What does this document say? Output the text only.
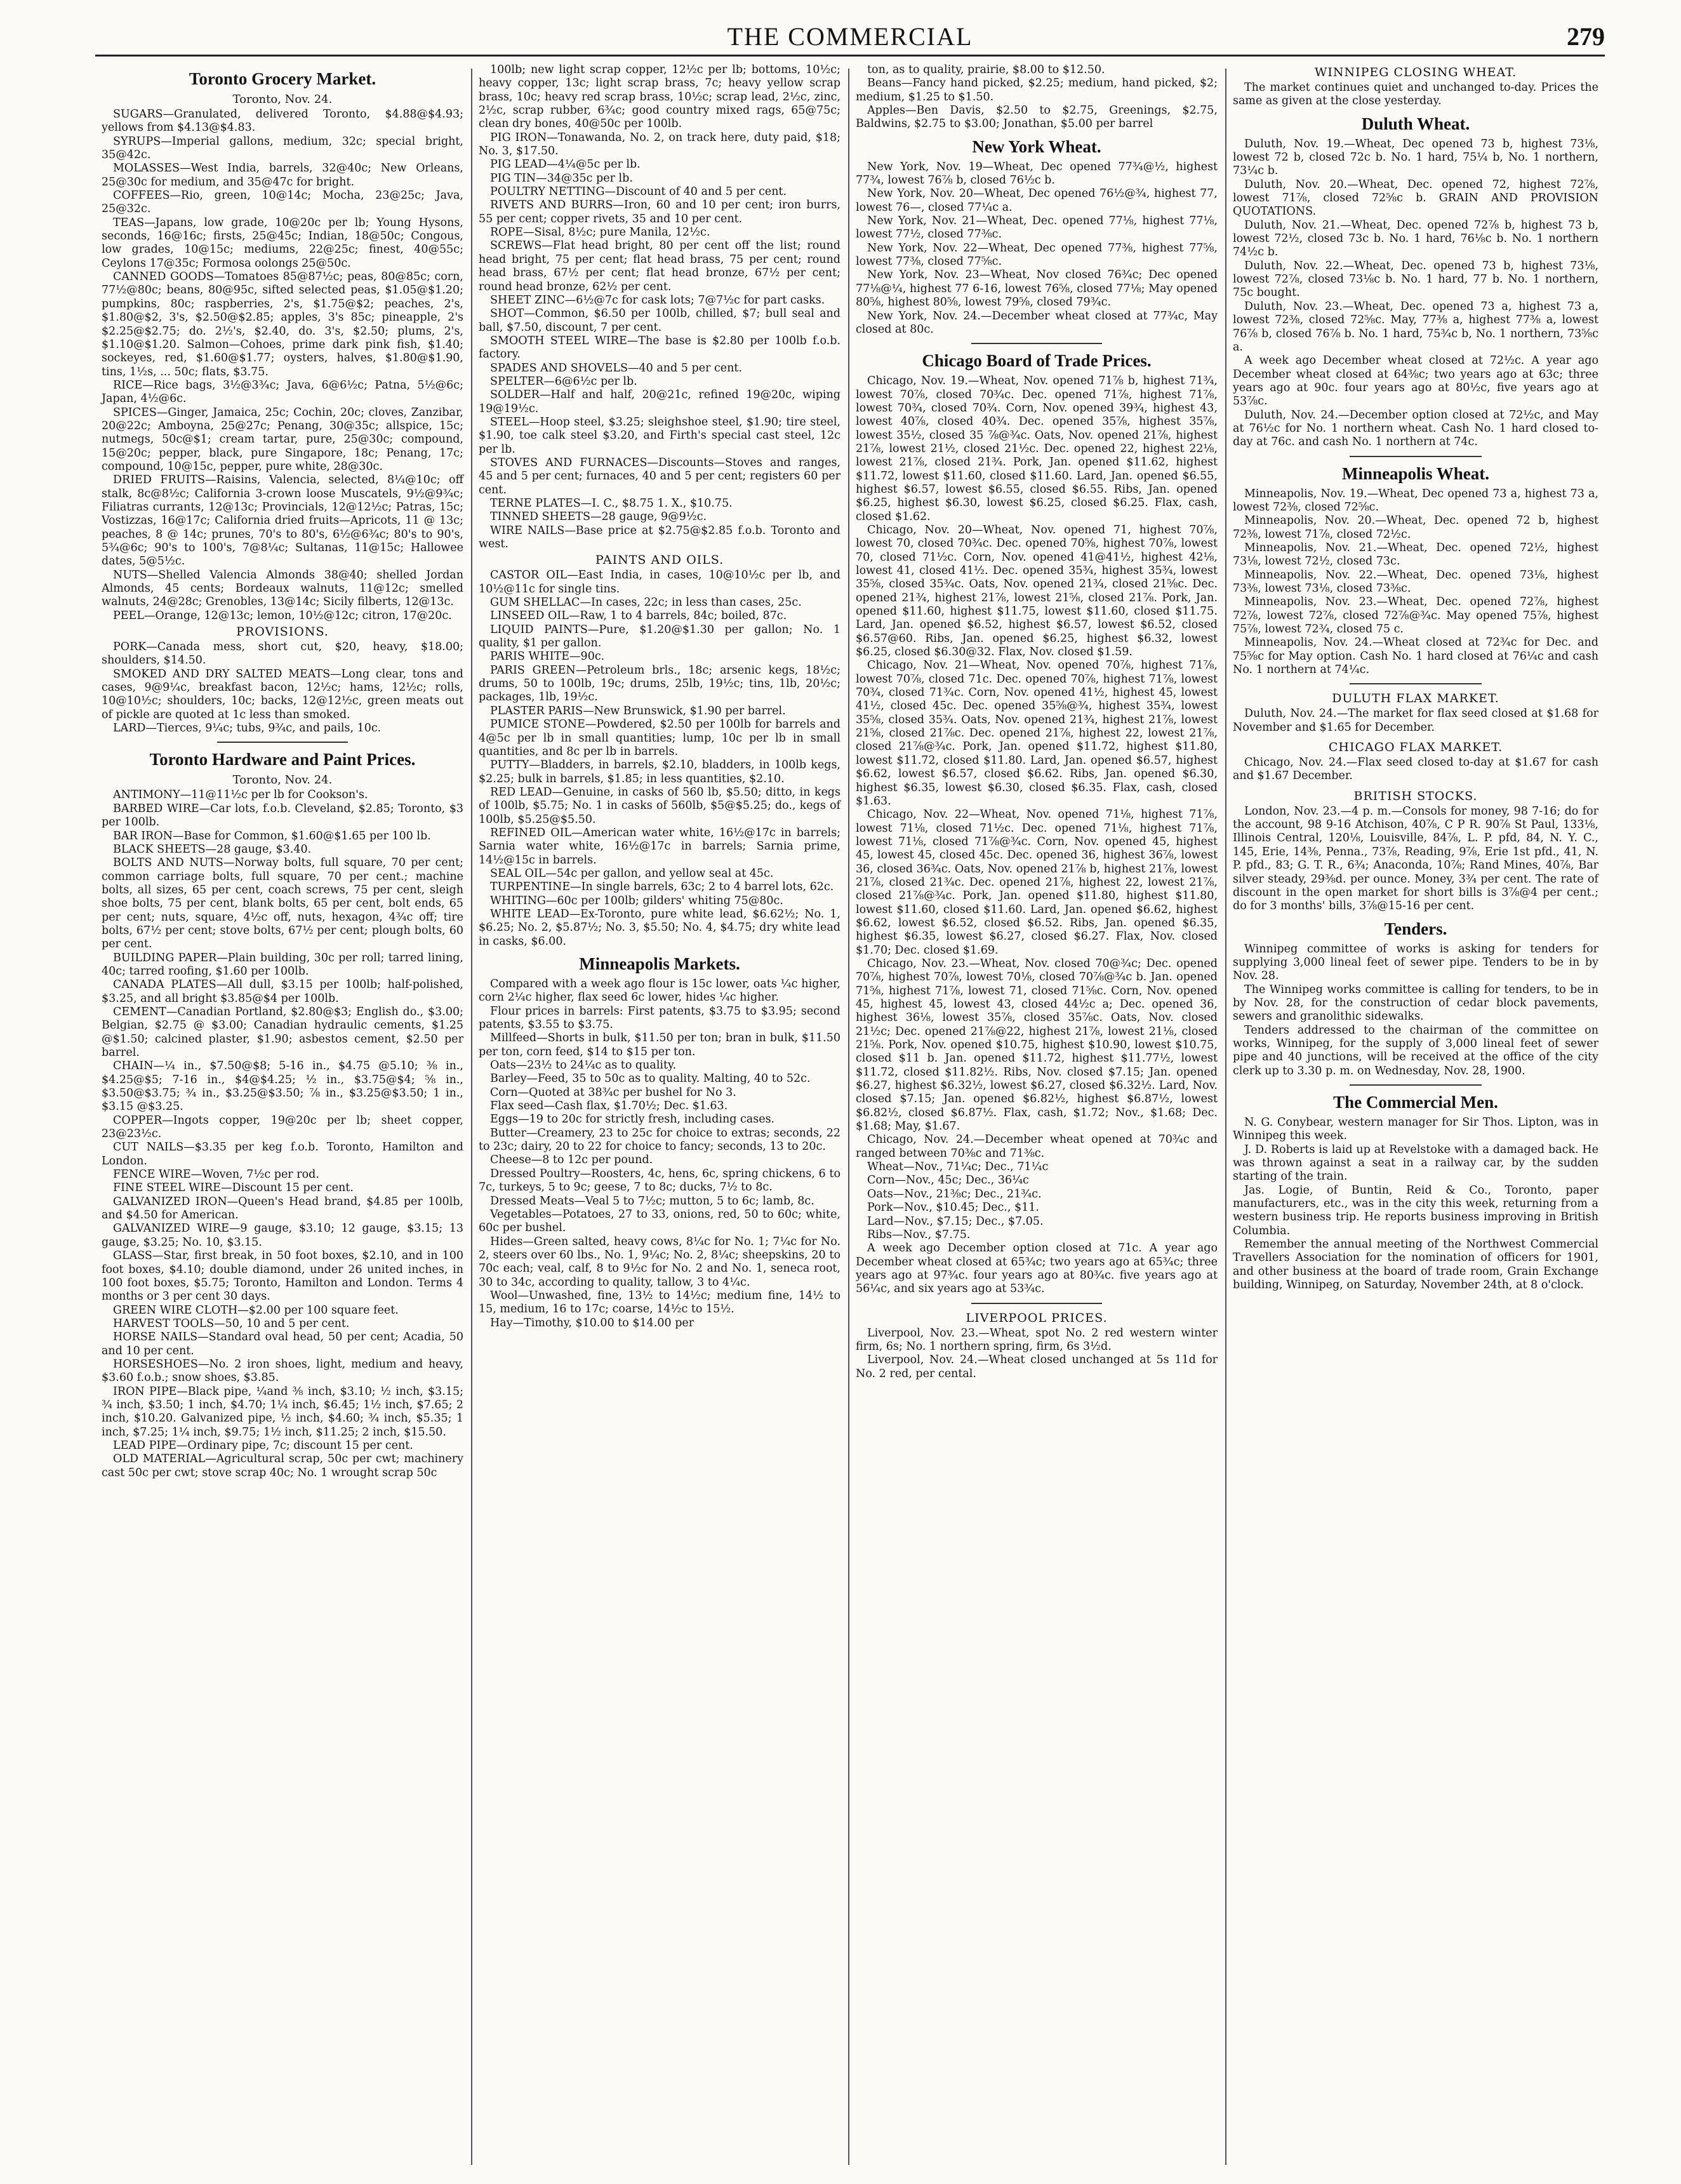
THE COMMERCIAL	279
Toronto Grocery Market.
Toronto, Nov. 24.

SUGARS—Granulated, delivered Toronto, $4.88@$4.93; yellows from $4.13@$4.83.

SYRUPS—Imperial gallons, medium, 32c; special bright, 35@42c.

MOLASSES—West India, barrels, 32@40c; New Orleans, 25@30c for medium, and 35@47c for bright.

COFFEES—Rio, green, 10@14c; Mocha, 23@25c; Java, 25@32c.

TEAS—Japans, low grade, 10@20c per lb; Young Hysons, seconds, 16@16c; firsts, 25@45c; Indian, 18@50c; Congous, low grades, 10@15c; mediums, 22@25c; finest, 40@55c; Ceylons 17@35c; Formosa oolongs 25@50c.

CANNED GOODS—Tomatoes 85@87½c; peas, 80@85c; corn, 77½@80c; beans, 80@95c, sifted selected peas, $1.05@$1.20; pumpkins, 80c; raspberries, 2's, $1.75@$2; peaches, 2's, $1.80@$2, 3's, $2.50@$2.85; apples, 3's 85c; pineapple, 2's $2.25@$2.75; do. 2½'s, $2.40, do. 3's, $2.50; plums, 2's, $1.10@$1.20. Salmon—Cohoes, prime dark pink fish, $1.40; sockeyes, red, $1.60@$1.77; oysters, halves, $1.80@$1.90, tins, 1½s, ... 50c; flats, $3.75.

RICE—Rice bags, 3½@3¾c; Java, 6@6½c; Patna, 5½@6c; Japan, 4½@6c.

SPICES—Ginger, Jamaica, 25c; Cochin, 20c; cloves, Zanzibar, 20@22c; Amboyna, 25@27c; Penang, 30@35c; allspice, 15c; nutmegs, 50c@$1; cream tartar, pure, 25@30c; compound, 15@20c; pepper, black, pure Singapore, 18c; Penang, 17c; compound, 10@15c, pepper, pure white, 28@30c.

DRIED FRUITS—Raisins, Valencia, selected, 8¼@10c; off stalk, 8c@8½c; California 3-crown loose Muscatels, 9½@9¾c; Filiatras currants, 12@13c; Provincials, 12@12½c; Patras, 15c; Vostizzas, 16@17c; California dried fruits—Apricots, 11 @ 13c; peaches, 8 @ 14c; prunes, 70's to 80's, 6½@6¾c; 80's to 90's, 5¾@6c; 90's to 100's, 7@8¼c; Sultanas, 11@15c; Hallowee dates, 5@5½c.

NUTS—Shelled Valencia Almonds 38@40; shelled Jordan Almonds, 45 cents; Bordeaux walnuts, 11@12c; smelled walnuts, 24@28c; Grenobles, 13@14c; Sicily filberts, 12@13c.

PEEL—Orange, 12@13c; lemon, 10½@12c; citron, 17@20c.

PROVISIONS.

PORK—Canada mess, short cut, $20, heavy, $18.00; shoulders, $14.50.

SMOKED AND DRY SALTED MEATS—Long clear, tons and cases, 9@9¼c, breakfast bacon, 12½c; hams, 12½c; rolls, 10@10½c; shoulders, 10c; backs, 12@12½c, green meats out of pickle are quoted at 1c less than smoked.

LARD—Tierces, 9¼c; tubs, 9¾c, and pails, 10c.

Toronto Hardware and Paint Prices.
Toronto, Nov. 24.

ANTIMONY—11@11½c per lb for Cookson's.

BARBED WIRE—Car lots, f.o.b. Cleveland, $2.85; Toronto, $3 per 100lb.

BAR IRON—Base for Common, $1.60@$1.65 per 100 lb.

BLACK SHEETS—28 gauge, $3.40.

BOLTS AND NUTS—Norway bolts, full square, 70 per cent; common carriage bolts, full square, 70 per cent.; machine bolts, all sizes, 65 per cent, coach screws, 75 per cent, sleigh shoe bolts, 75 per cent, blank bolts, 65 per cent, bolt ends, 65 per cent; nuts, square, 4½c off, nuts, hexagon, 4¾c off; tire bolts, 67½ per cent; stove bolts, 67½ per cent; plough bolts, 60 per cent.

BUILDING PAPER—Plain building, 30c per roll; tarred lining, 40c; tarred roofing, $1.60 per 100lb.

CANADA PLATES—All dull, $3.15 per 100lb; half-polished, $3.25, and all bright $3.85@$4 per 100lb.

CEMENT—Canadian Portland, $2.80@$3; English do., $3.00; Belgian, $2.75 @ $3.00; Canadian hydraulic cements, $1.25 @$1.50; calcined plaster, $1.90; asbestos cement, $2.50 per barrel.

CHAIN—¼ in., $7.50@$8; 5-16 in., $4.75 @5.10; ⅜ in., $4.25@$5; 7-16 in., $4@$4.25; ½ in., $3.75@$4; ⅝ in., $3.50@$3.75; ¾ in., $3.25@$3.50; ⅞ in., $3.25@$3.50; 1 in., $3.15 @$3.25.

COPPER—Ingots copper, 19@20c per lb; sheet copper, 23@23½c.

CUT NAILS—$3.35 per keg f.o.b. Toronto, Hamilton and London.

FENCE WIRE—Woven, 7½c per rod.

FINE STEEL WIRE—Discount 15 per cent.

GALVANIZED IRON—Queen's Head brand, $4.85 per 100lb, and $4.50 for American.

GALVANIZED WIRE—9 gauge, $3.10; 12 gauge, $3.15; 13 gauge, $3.25; No. 10, $3.15.

GLASS—Star, first break, in 50 foot boxes, $2.10, and in 100 foot boxes, $4.10; double diamond, under 26 united inches, in 100 foot boxes, $5.75; Toronto, Hamilton and London. Terms 4 months or 3 per cent 30 days.

GREEN WIRE CLOTH—$2.00 per 100 square feet.

HARVEST TOOLS—50, 10 and 5 per cent.

HORSE NAILS—Standard oval head, 50 per cent; Acadia, 50 and 10 per cent.

HORSESHOES—No. 2 iron shoes, light, medium and heavy, $3.60 f.o.b.; snow shoes, $3.85.

IRON PIPE—Black pipe, ¼and ⅜ inch, $3.10; ½ inch, $3.15; ¾ inch, $3.50; 1 inch, $4.70; 1¼ inch, $6.45; 1½ inch, $7.65; 2 inch, $10.20. Galvanized pipe, ½ inch, $4.60; ¾ inch, $5.35; 1 inch, $7.25; 1¼ inch, $9.75; 1½ inch, $11.25; 2 inch, $15.50.

LEAD PIPE—Ordinary pipe, 7c; discount 15 per cent.

OLD MATERIAL—Agricultural scrap, 50c per cwt; machinery cast 50c per cwt; stove scrap 40c; No. 1 wrought scrap 50c

100lb; new light scrap copper, 12½c per lb; bottoms, 10½c; heavy copper, 13c; light scrap brass, 7c; heavy yellow scrap brass, 10c; heavy red scrap brass, 10½c; scrap lead, 2½c, zinc, 2½c, scrap rubber, 6¾c; good country mixed rags, 65@75c; clean dry bones, 40@50c per 100lb.

PIG IRON—Tonawanda, No. 2, on track here, duty paid, $18; No. 3, $17.50.

PIG LEAD—4¼@5c per lb.

PIG TIN—34@35c per lb.

POULTRY NETTING—Discount of 40 and 5 per cent.

RIVETS AND BURRS—Iron, 60 and 10 per cent; iron burrs, 55 per cent; copper rivets, 35 and 10 per cent.

ROPE—Sisal, 8½c; pure Manila, 12½c.

SCREWS—Flat head bright, 80 per cent off the list; round head bright, 75 per cent; flat head brass, 75 per cent; round head brass, 67½ per cent; flat head bronze, 67½ per cent; round head bronze, 62½ per cent.

SHEET ZINC—6½@7c for cask lots; 7@7½c for part casks.

SHOT—Common, $6.50 per 100lb, chilled, $7; bull seal and ball, $7.50, discount, 7 per cent.

SMOOTH STEEL WIRE—The base is $2.80 per 100lb f.o.b. factory.

SPADES AND SHOVELS—40 and 5 per cent.

SPELTER—6@6½c per lb.

SOLDER—Half and half, 20@21c, refined 19@20c, wiping 19@19½c.

STEEL—Hoop steel, $3.25; sleighshoe steel, $1.90; tire steel, $1.90, toe calk steel $3.20, and Firth's special cast steel, 12c per lb.

STOVES AND FURNACES—Discounts—Stoves and ranges, 45 and 5 per cent; furnaces, 40 and 5 per cent; registers 60 per cent.

TERNE PLATES—I. C., $8.75 1. X., $10.75.

TINNED SHEETS—28 gauge, 9@9½c.

WIRE NAILS—Base price at $2.75@$2.85 f.o.b. Toronto and west.

PAINTS AND OILS.

CASTOR OIL—East India, in cases, 10@10½c per lb, and 10½@11c for single tins.

GUM SHELLAC—In cases, 22c; in less than cases, 25c.

LINSEED OIL—Raw, 1 to 4 barrels, 84c; boiled, 87c.

LIQUID PAINTS—Pure, $1.20@$1.30 per gallon; No. 1 quality, $1 per gallon.

PARIS WHITE—90c.

PARIS GREEN—Petroleum brls., 18c; arsenic kegs, 18½c; drums, 50 to 100lb, 19c; drums, 25lb, 19½c; tins, 1lb, 20½c; packages, 1lb, 19½c.

PLASTER PARIS—New Brunswick, $1.90 per barrel.

PUMICE STONE—Powdered, $2.50 per 100lb for barrels and 4@5c per lb in small quantities; lump, 10c per lb in small quantities, and 8c per lb in barrels.

PUTTY—Bladders, in barrels, $2.10, bladders, in 100lb kegs, $2.25; bulk in barrels, $1.85; in less quantities, $2.10.

RED LEAD—Genuine, in casks of 560 lb, $5.50; ditto, in kegs of 100lb, $5.75; No. 1 in casks of 560lb, $5@$5.25; do., kegs of 100lb, $5.25@$5.50.

REFINED OIL—American water white, 16½@17c in barrels; Sarnia water white, 16½@17c in barrels; Sarnia prime, 14½@15c in barrels.

SEAL OIL—54c per gallon, and yellow seal at 45c.

TURPENTINE—In single barrels, 63c; 2 to 4 barrel lots, 62c.

WHITING—60c per 100lb; gilders' whiting 75@80c.

WHITE LEAD—Ex-Toronto, pure white lead, $6.62½; No. 1, $6.25; No. 2, $5.87½; No. 3, $5.50; No. 4, $4.75; dry white lead in casks, $6.00.

Minneapolis Markets.

Compared with a week ago flour is 15c lower, oats ¼c higher, corn 2¼c higher, flax seed 6c lower, hides ¼c higher.

Flour prices in barrels: First patents, $3.75 to $3.95; second patents, $3.55 to $3.75.

Millfeed—Shorts in bulk, $11.50 per ton; bran in bulk, $11.50 per ton, corn feed, $14 to $15 per ton.

Oats—23½ to 24¼c as to quality.

Barley—Feed, 35 to 50c as to quality. Malting, 40 to 52c.

Corn—Quoted at 38¾c per bushel for No 3.

Flax seed—Cash flax, $1.70½; Dec. $1.63.

Eggs—19 to 20c for strictly fresh, including cases.

Butter—Creamery, 23 to 25c for choice to extras; seconds, 22 to 23c; dairy, 20 to 22 for choice to fancy; seconds, 13 to 20c.

Cheese—8 to 12c per pound.

Dressed Poultry—Roosters, 4c, hens, 6c, spring chickens, 6 to 7c, turkeys, 5 to 9c; geese, 7 to 8c; ducks, 7½ to 8c.

Dressed Meats—Veal 5 to 7½c; mutton, 5 to 6c; lamb, 8c.

Vegetables—Potatoes, 27 to 33, onions, red, 50 to 60c; white, 60c per bushel.

Hides—Green salted, heavy cows, 8¼c for No. 1; 7¼c for No. 2, steers over 60 lbs., No. 1, 9¼c; No. 2, 8¼c; sheepskins, 20 to 70c each; veal, calf, 8 to 9½c for No. 2 and No. 1, seneca root, 30 to 34c, according to quality, tallow, 3 to 4¼c.

Wool—Unwashed, fine, 13½ to 14½c; medium fine, 14½ to 15, medium, 16 to 17c; coarse, 14½c to 15½.

Hay—Timothy, $10.00 to $14.00 per

ton, as to quality, prairie, $8.00 to $12.50.

Beans—Fancy hand picked, $2.25; medium, hand picked, $2; medium, $1.25 to $1.50.

Apples—Ben Davis, $2.50 to $2.75, Greenings, $2.75, Baldwins, $2.75 to $3.00; Jonathan, $5.00 per barrel

New York Wheat.

New York, Nov. 19—Wheat, Dec opened 77¾@½, highest 77¾, lowest 76⅞ b, closed 76½c b.

New York, Nov. 20—Wheat, Dec opened 76½@¾, highest 77, lowest 76—, closed 77¼c a.

New York, Nov. 21—Wheat, Dec. opened 77⅛, highest 77⅛, lowest 77½, closed 77⅜c.

New York, Nov. 22—Wheat, Dec opened 77⅜, highest 77⅝, lowest 77⅜, closed 77⅝c.

New York, Nov. 23—Wheat, Nov closed 76¾c; Dec opened 77⅛@¼, highest 77 6-16, lowest 76⅝, closed 77⅛; May opened 80⅝, highest 80⅝, lowest 79⅝, closed 79¾c.

New York, Nov. 24.—December wheat closed at 77¾c, May closed at 80c.

Chicago Board of Trade Prices.

Chicago, Nov. 19.—Wheat, Nov. opened 71⅞ b, highest 71¾, lowest 70⅞, closed 70¾c. Dec. opened 71⅞, highest 71⅞, lowest 70¾, closed 70¾. Corn, Nov. opened 39¾, highest 43, lowest 40⅞, closed 40¾. Dec. opened 35⅞, highest 35⅞, lowest 35½, closed 35 ⅞@¾c. Oats, Nov. opened 21⅞, highest 21⅞, lowest 21½, closed 21½c. Dec. opened 22, highest 22⅛, lowest 21⅞, closed 21¾. Pork, Jan. opened $11.62, highest $11.72, lowest $11.60, closed $11.60. Lard, Jan. opened $6.55, highest $6.57, lowest $6.55, closed $6.55. Ribs, Jan. opened $6.25, highest $6.30, lowest $6.25, closed $6.25. Flax, cash, closed $1.62.

Chicago, Nov. 20—Wheat, Nov. opened 71, highest 70⅞, lowest 70, closed 70¾c. Dec. opened 70⅝, highest 70⅞, lowest 70, closed 71½c. Corn, Nov. opened 41@41½, highest 42⅛, lowest 41, closed 41½. Dec. opened 35¾, highest 35¾, lowest 35⅝, closed 35¾c. Oats, Nov. opened 21¾, closed 21⅝c. Dec. opened 21¾, highest 21⅞, lowest 21⅝, closed 21⅞. Pork, Jan. opened $11.60, highest $11.75, lowest $11.60, closed $11.75. Lard, Jan. opened $6.52, highest $6.57, lowest $6.52, closed $6.57@60. Ribs, Jan. opened $6.25, highest $6.32, lowest $6.25, closed $6.30@32. Flax, Nov. closed $1.59.

Chicago, Nov. 21—Wheat, Nov. opened 70⅞, highest 71⅞, lowest 70⅞, closed 71c. Dec. opened 70⅞, highest 71⅞, lowest 70¾, closed 71¾c. Corn, Nov. opened 41½, highest 45, lowest 41½, closed 45c. Dec. opened 35⅝@¾, highest 35¾, lowest 35⅝, closed 35¾. Oats, Nov. opened 21¾, highest 21⅞, lowest 21⅝, closed 21⅞c. Dec. opened 21⅞, highest 22, lowest 21⅞, closed 21⅞@¾c. Pork, Jan. opened $11.72, highest $11.80, lowest $11.72, closed $11.80. Lard, Jan. opened $6.57, highest $6.62, lowest $6.57, closed $6.62. Ribs, Jan. opened $6.30, highest $6.35, lowest $6.30, closed $6.35. Flax, cash, closed $1.63.

Chicago, Nov. 22—Wheat, Nov. opened 71⅛, highest 71⅞, lowest 71⅛, closed 71½c. Dec. opened 71⅛, highest 71⅞, lowest 71⅛, closed 71⅞@¾c. Corn, Nov. opened 45, highest 45, lowest 45, closed 45c. Dec. opened 36, highest 36⅞, lowest 36, closed 36¾c. Oats, Nov. opened 21⅞ b, highest 21⅞, lowest 21⅞, closed 21¾c. Dec. opened 21⅞, highest 22, lowest 21⅞, closed 21⅞@¾c. Pork, Jan. opened $11.80, highest $11.80, lowest $11.60, closed $11.60. Lard, Jan. opened $6.62, highest $6.62, lowest $6.52, closed $6.52. Ribs, Jan. opened $6.35, highest $6.35, lowest $6.27, closed $6.27. Flax, Nov. closed $1.70; Dec. closed $1.69.

Chicago, Nov. 23.—Wheat, Nov. closed 70@¾c; Dec. opened 70⅞, highest 70⅞, lowest 70⅛, closed 70⅞@¾c b. Jan. opened 71⅝, highest 71⅞, lowest 71, closed 71⅝c. Corn, Nov. opened 45, highest 45, lowest 43, closed 44½c a; Dec. opened 36, highest 36⅛, lowest 35⅞, closed 35⅞c. Oats, Nov. closed 21½c; Dec. opened 21⅞@22, highest 21⅞, lowest 21⅛, closed 21⅝. Pork, Nov. opened $10.75, highest $10.90, lowest $10.75, closed $11 b. Jan. opened $11.72, highest $11.77½, lowest $11.72, closed $11.82½. Ribs, Nov. closed $7.15; Jan. opened $6.27, highest $6.32½, lowest $6.27, closed $6.32½. Lard, Nov. closed $7.15; Jan. opened $6.82½, highest $6.87½, lowest $6.82½, closed $6.87½. Flax, cash, $1.72; Nov., $1.68; Dec. $1.68; May, $1.67.

Chicago, Nov. 24.—December wheat opened at 70¾c and ranged between 70⅜c and 71⅜c.

Wheat—Nov., 71¼c; Dec., 71¼c

Corn—Nov., 45c; Dec., 36¼c

Oats—Nov., 21⅜c; Dec., 21¾c.

Pork—Nov., $10.45; Dec., $11.

Lard—Nov., $7.15; Dec., $7.05.

Ribs—Nov., $7.75.

A week ago December option closed at 71c. A year ago December wheat closed at 65¾c; two years ago at 65¾c; three years ago at 97¾c. four years ago at 80¾c. five years ago at 56¼c, and six years ago at 53¾c.

LIVERPOOL PRICES.

Liverpool, Nov. 23.—Wheat, spot No. 2 red western winter firm, 6s; No. 1 northern spring, firm, 6s 3½d.

Liverpool, Nov. 24.—Wheat closed unchanged at 5s 11d for No. 2 red, per cental.

WINNIPEG CLOSING WHEAT.

The market continues quiet and unchanged to-day. Prices the same as given at the close yesterday.

Duluth Wheat.

Duluth, Nov. 19.—Wheat, Dec opened 73 b, highest 73⅛, lowest 72 b, closed 72c b. No. 1 hard, 75¼ b, No. 1 northern, 73¼c b.

Duluth, Nov. 20.—Wheat, Dec. opened 72, highest 72⅞, lowest 71⅞, closed 72⅝c b. GRAIN AND PROVISION QUOTATIONS.

Duluth, Nov. 21.—Wheat, Dec. opened 72⅞ b, highest 73 b, lowest 72½, closed 73c b. No. 1 hard, 76⅛c b. No. 1 northern 74½c b.

Duluth, Nov. 22.—Wheat, Dec. opened 73 b, highest 73⅛, lowest 72⅞, closed 73⅛c b. No. 1 hard, 77 b. No. 1 northern, 75c bought.

Duluth, Nov. 23.—Wheat, Dec. opened 73 a, highest 73 a, lowest 72⅜, closed 72⅝c. May, 77⅜ a, highest 77⅜ a, lowest 76⅞ b, closed 76⅞ b. No. 1 hard, 75¾c b, No. 1 northern, 73⅝c a.

A week ago December wheat closed at 72½c. A year ago December wheat closed at 64⅜c; two years ago at 63c; three years ago at 90c. four years ago at 80½c, five years ago at 53⅞c.

Duluth, Nov. 24.—December option closed at 72½c, and May at 76½c for No. 1 northern wheat. Cash No. 1 hard closed to-day at 76c. and cash No. 1 northern at 74c.

Minneapolis Wheat.

Minneapolis, Nov. 19.—Wheat, Dec opened 73 a, highest 73 a, lowest 72⅜, closed 72⅝c.

Minneapolis, Nov. 20.—Wheat, Dec. opened 72 b, highest 72⅜, lowest 71⅞, closed 72½c.

Minneapolis, Nov. 21.—Wheat, Dec. opened 72½, highest 73⅛, lowest 72½, closed 73c.

Minneapolis, Nov. 22.—Wheat, Dec. opened 73⅛, highest 73⅜, lowest 73⅛, closed 73⅜c.

Minneapolis, Nov. 23.—Wheat, Dec. opened 72⅞, highest 72⅞, lowest 72⅞, closed 72⅞@¾c. May opened 75⅞, highest 75⅞, lowest 72¾, closed 75 c.

Minneapolis, Nov. 24.—Wheat closed at 72¾c for Dec. and 75⅝c for May option. Cash No. 1 hard closed at 76¼c and cash No. 1 northern at 74¼c.

DULUTH FLAX MARKET.

Duluth, Nov. 24.—The market for flax seed closed at $1.68 for November and $1.65 for December.

CHICAGO FLAX MARKET.

Chicago, Nov. 24.—Flax seed closed to-day at $1.67 for cash and $1.67 December.

BRITISH STOCKS.

London, Nov. 23.—4 p. m.—Consols for money, 98 7-16; do for the account, 98 9-16 Atchison, 40⅞, C P R. 90⅞ St Paul, 133⅛, Illinois Central, 120⅛, Louisville, 84⅞, L. P. pfd, 84, N. Y. C., 145, Erie, 14⅜, Penna., 73⅞, Reading, 9⅞, Erie 1st pfd., 41, N. P. pfd., 83; G. T. R., 6¾; Anaconda, 10⅞; Rand Mines, 40⅞, Bar silver steady, 29⅜d. per ounce. Money, 3¾ per cent. The rate of discount in the open market for short bills is 3⅞@4 per cent.; do for 3 months' bills, 3⅞@15-16 per cent.

Tenders.

Winnipeg committee of works is asking for tenders for supplying 3,000 lineal feet of sewer pipe. Tenders to be in by Nov. 28.

The Winnipeg works committee is calling for tenders, to be in by Nov. 28, for the construction of cedar block pavements, sewers and granolithic sidewalks.

Tenders addressed to the chairman of the committee on works, Winnipeg, for the supply of 3,000 lineal feet of sewer pipe and 40 junctions, will be received at the office of the city clerk up to 3.30 p. m. on Wednesday, Nov. 28, 1900.

The Commercial Men.

N. G. Conybear, western manager for Sir Thos. Lipton, was in Winnipeg this week.

J. D. Roberts is laid up at Revelstoke with a damaged back. He was thrown against a seat in a railway car, by the sudden starting of the train.

Jas. Logie, of Buntin, Reid & Co., Toronto, paper manufacturers, etc., was in the city this week, returning from a western business trip. He reports business improving in British Columbia.

Remember the annual meeting of the Northwest Commercial Travellers Association for the nomination of officers for 1901, and other business at the board of trade room, Grain Exchange building, Winnipeg, on Saturday, November 24th, at 8 o'clock.
